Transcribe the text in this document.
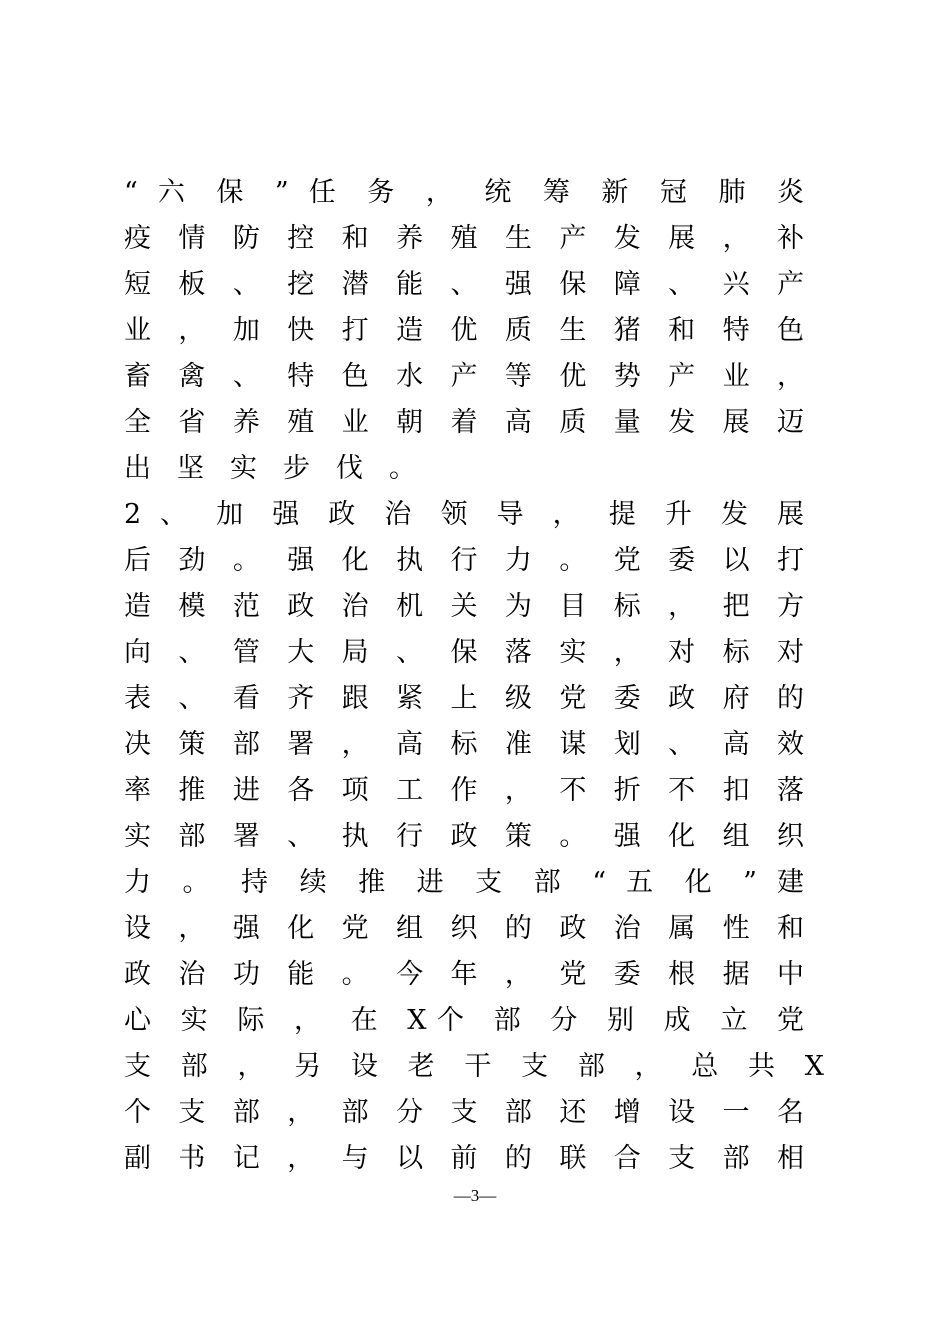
“ 六 保 ” 任 务 ， 统 筹 新 冠 肺 炎
疫 情 防 控 和 养 殖 生 产 发 展 ， 补
短 板 、 挖 潜 能 、 强 保 障 、 兴 产
业 ， 加 快 打 造 优 质 生 猪 和 特 色
畜 禽 、 特 色 水 产 等 优 势 产 业 ，
全 省 养 殖 业 朝 着 高 质 量 发 展 迈
出坚实步伐。
2 、 加 强 政 治 领 导 ， 提 升 发 展
后 劲 。 强 化 执 行 力 。 党 委 以 打
造 模 范 政 治 机 关 为 目 标 ， 把 方
向 、 管 大 局 、 保 落 实 ， 对 标 对
表 、 看 齐 跟 紧 上 级 党 委 政 府 的
决 策 部 署 ， 高 标 准 谋 划 、 高 效
率 推 进 各 项 工 作 ， 不 折 不 扣 落
实 部 署 、 执 行 政 策 。 强 化 组 织
力 。 持 续 推 进 支 部 “ 五 化 ” 建
设 ， 强 化 党 组 织 的 政 治 属 性 和
政 治 功 能 。 今 年 ， 党 委 根 据 中
心 实 际 ， 在 X个 部 分 别 成 立 党
支 部 ， 另 设 老 干 支 部 ， 总 共 X
个 支 部 ， 部 分 支 部 还 增 设 一 名
副 书 记 ， 与 以 前 的 联 合 支 部 相
—3—
